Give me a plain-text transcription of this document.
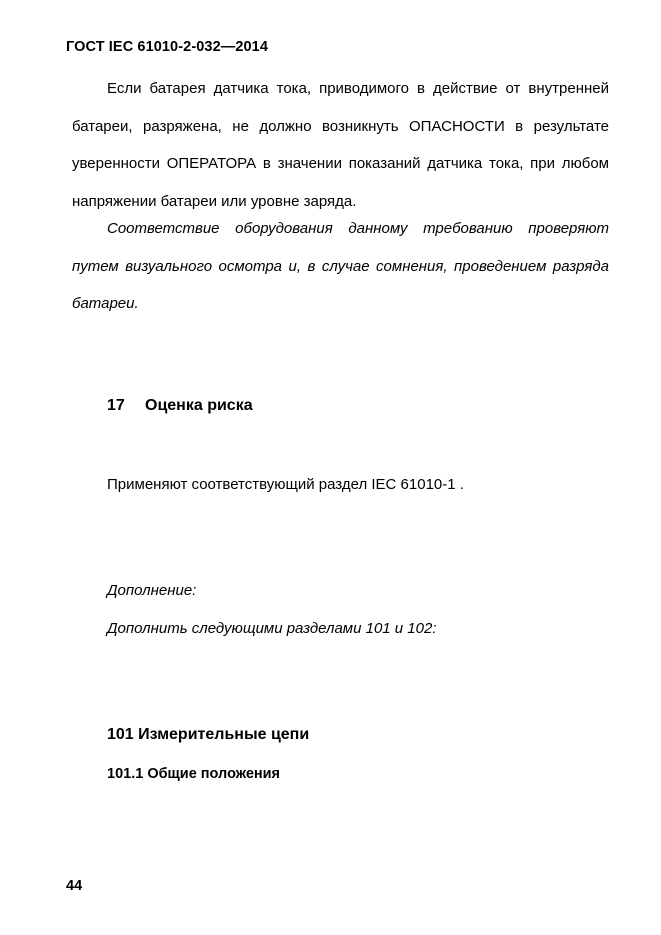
ГОСТ IEC 61010-2-032—2014

Если батарея датчика тока, приводимого в действие от внутренней батареи, разряжена, не должно возникнуть ОПАСНОСТИ в результате уверенности ОПЕРАТОРА в значении показаний датчика тока, при любом напряжении батареи или уровне заряда.

Соответствие оборудования данному требованию проверяют путем визуального осмотра и, в случае сомнения, проведением разряда батареи.

17 Оценка риска
Применяют соответствующий раздел IEC 61010-1 .
Дополнение:
Дополнить следующими разделами 101 и 102:
101 Измерительные цепи
101.1 Общие положения
44
